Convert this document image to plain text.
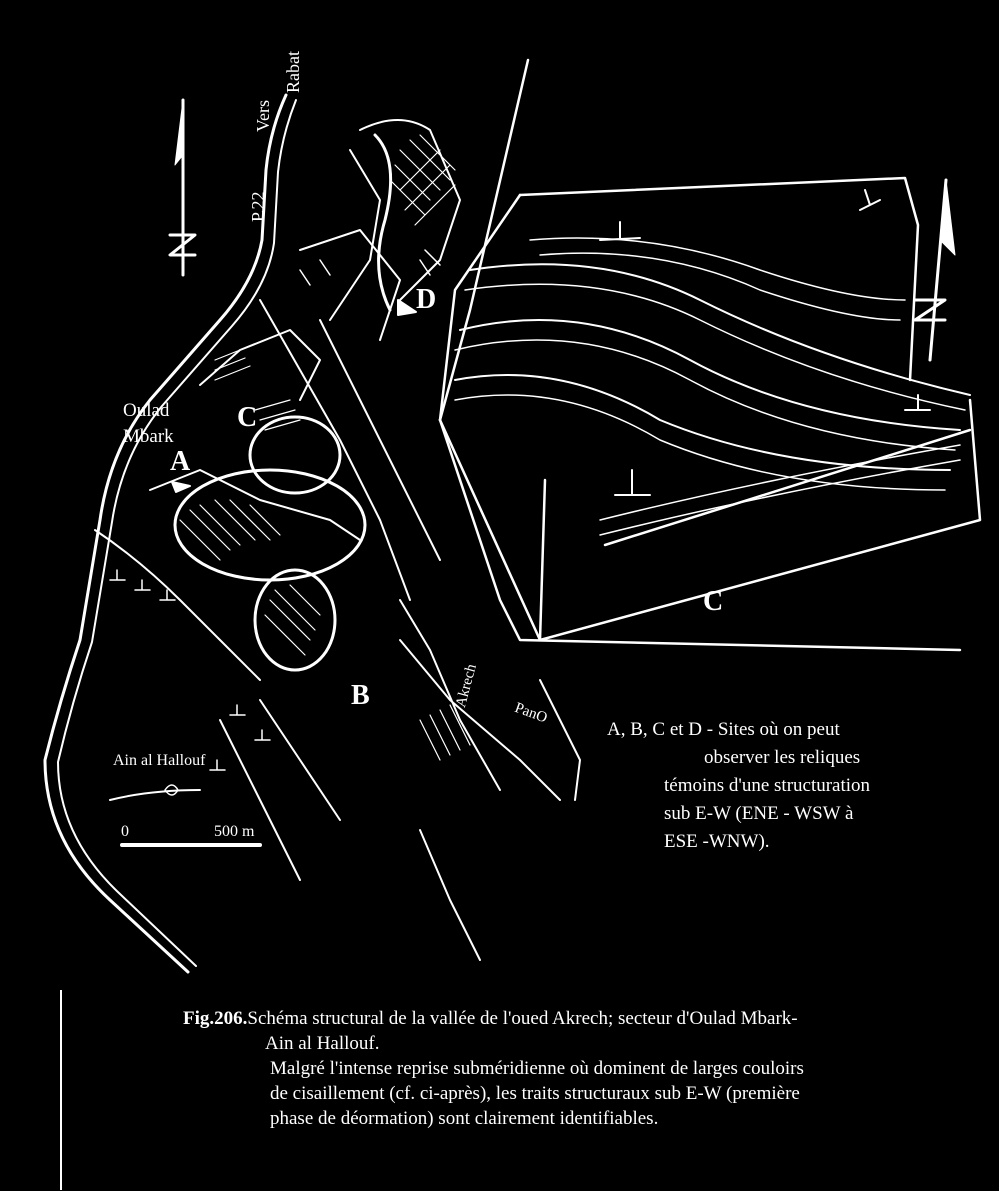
Vers
Rabat
P.22
Oulad
Mbark
Ain al Hallouf
Akrech
PanO
A
B
C
D
C
0	500 m
A, B, C et D - Sites où on peut
observer les reliques
témoins d'une structuration
sub E-W (ENE - WSW à
ESE -WNW).
Fig.206.Schéma structural de la vallée de l'oued Akrech; secteur d'Oulad Mbark-
Ain al Hallouf.
Malgré l'intense reprise subméridienne où dominent de larges couloirs
de cisaillement (cf. ci-après), les traits structuraux sub E-W (première
phase de déormation) sont clairement identifiables.
